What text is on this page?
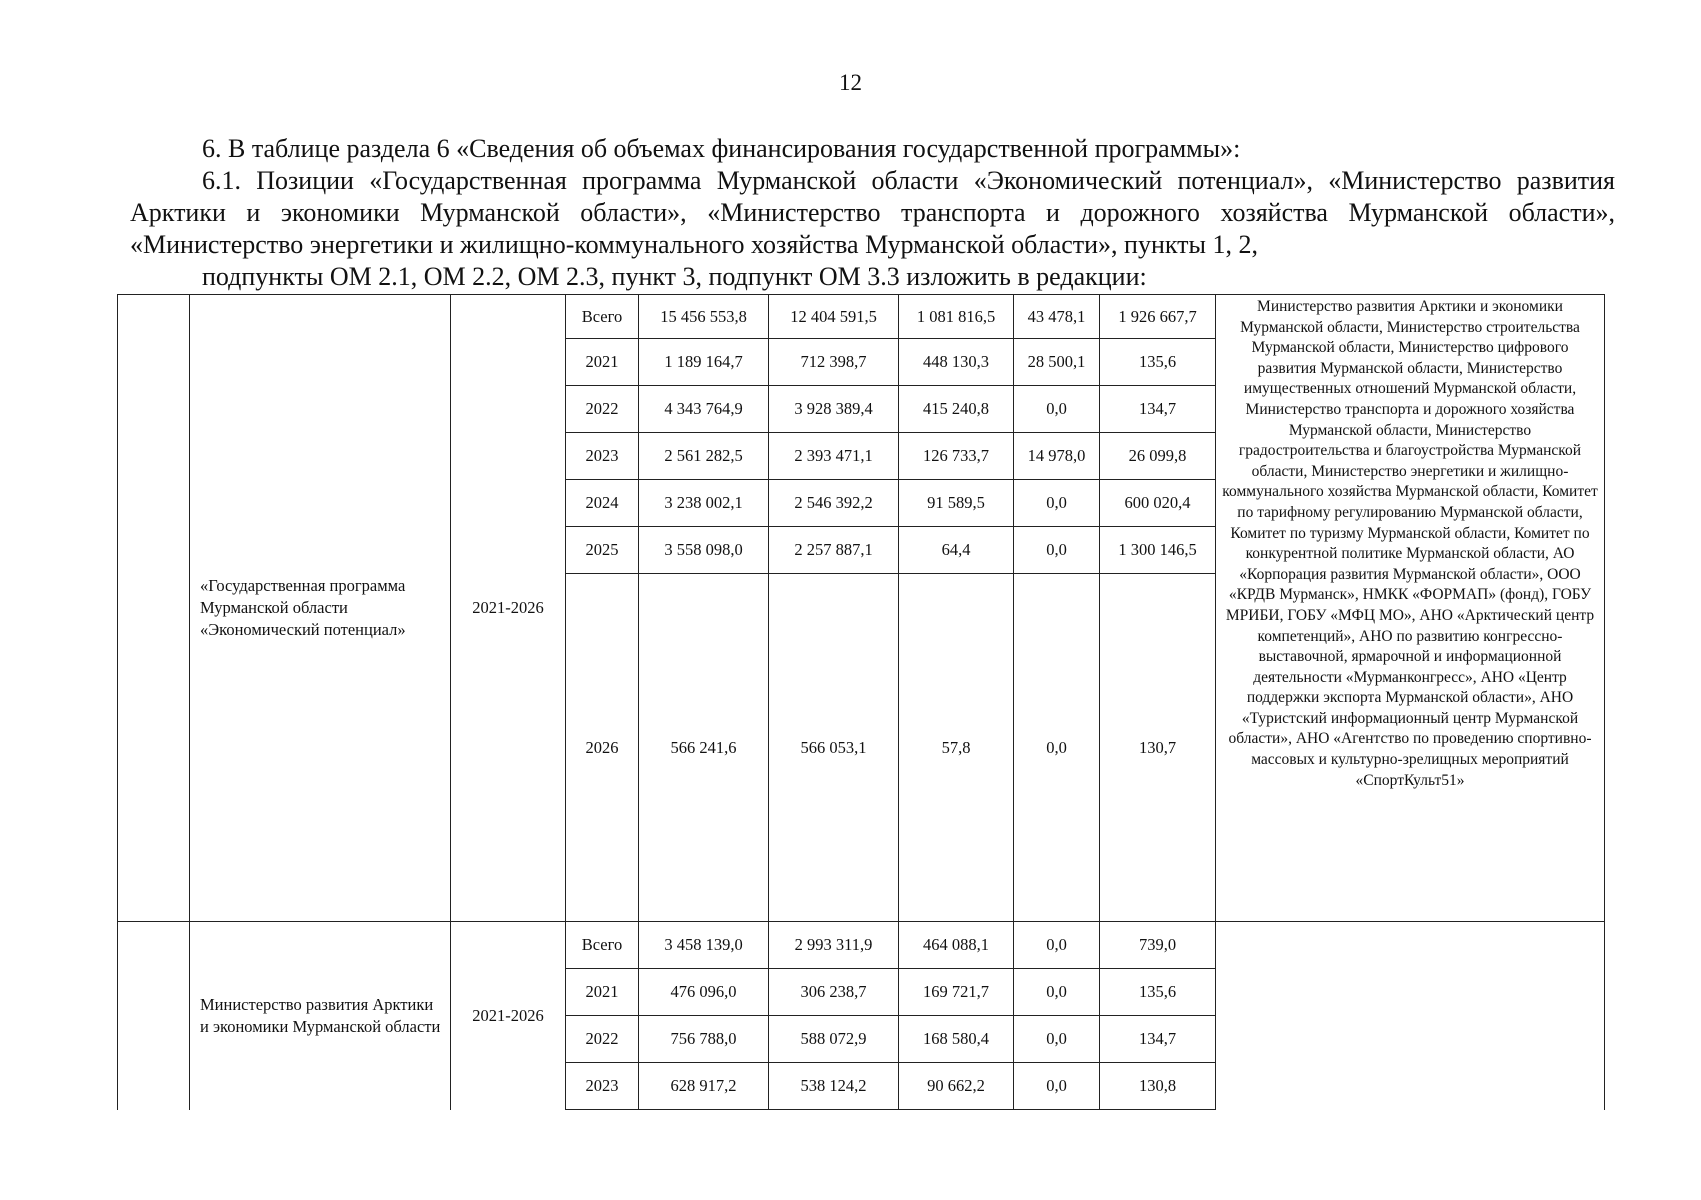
12

6. В таблице раздела 6 «Сведения об объемах финансирования государственной программы»:

6.1. Позиции «Государственная программа Мурманской области «Экономический потенциал», «Министерство развития Арктики и экономики Мурманской области», «Министерство транспорта и дорожного хозяйства Мурманской области», «Министерство энергетики и жилищно-коммунального хозяйства Мурманской области», пункты 1, 2,
подпункты ОМ 2.1, ОМ 2.2, ОМ 2.3, пункт 3, подпункт ОМ 3.3 изложить в редакции:

	«Государственная программа Мурманской области «Экономический потенциал»	2021-2026	Всего	15 456 553,8	12 404 591,5	1 081 816,5	43 478,1	1 926 667,7	Министерство развития Арктики и экономики Мурманской области, Министерство строительства Мурманской области, Министерство цифрового развития Мурманской области, Министерство имущественных отношений Мурманской области, Министерство транспорта и дорожного хозяйства Мурманской области, Министерство градостроительства и благоустройства Мурманской области, Министерство энергетики и жилищно-коммунального хозяйства Мурманской области, Комитет по тарифному регулированию Мурманской области, Комитет по туризму Мурманской области, Комитет по конкурентной политике Мурманской области, АО «Корпорация развития Мурманской области», ООО «КРДВ Мурманск», НМКК «ФОРМАП» (фонд), ГОБУ МРИБИ, ГОБУ «МФЦ МО», АНО «Арктический центр компетенций», АНО по развитию конгрессно-выставочной, ярмарочной и информационной деятельности «Мурманконгресс», АНО «Центр поддержки экспорта Мурманской области», АНО «Туристский информационный центр Мурманской области», АНО «Агентство по проведению спортивно-массовых и культурно-зрелищных мероприятий «СпортКульт51»
			2021	1 189 164,7	712 398,7	448 130,3	28 500,1	135,6	
			2022	4 343 764,9	3 928 389,4	415 240,8	0,0	134,7	
			2023	2 561 282,5	2 393 471,1	126 733,7	14 978,0	26 099,8	
			2024	3 238 002,1	2 546 392,2	91 589,5	0,0	600 020,4	
			2025	3 558 098,0	2 257 887,1	64,4	0,0	1 300 146,5	
			2026	566 241,6	566 053,1	57,8	0,0	130,7	
	Министерство развития Арктики и экономики Мурманской области	2021-2026	Всего	3 458 139,0	2 993 311,9	464 088,1	0,0	739,0	
			2021	476 096,0	306 238,7	169 721,7	0,0	135,6	
			2022	756 788,0	588 072,9	168 580,4	0,0	134,7	
			2023	628 917,2	538 124,2	90 662,2	0,0	130,8	
